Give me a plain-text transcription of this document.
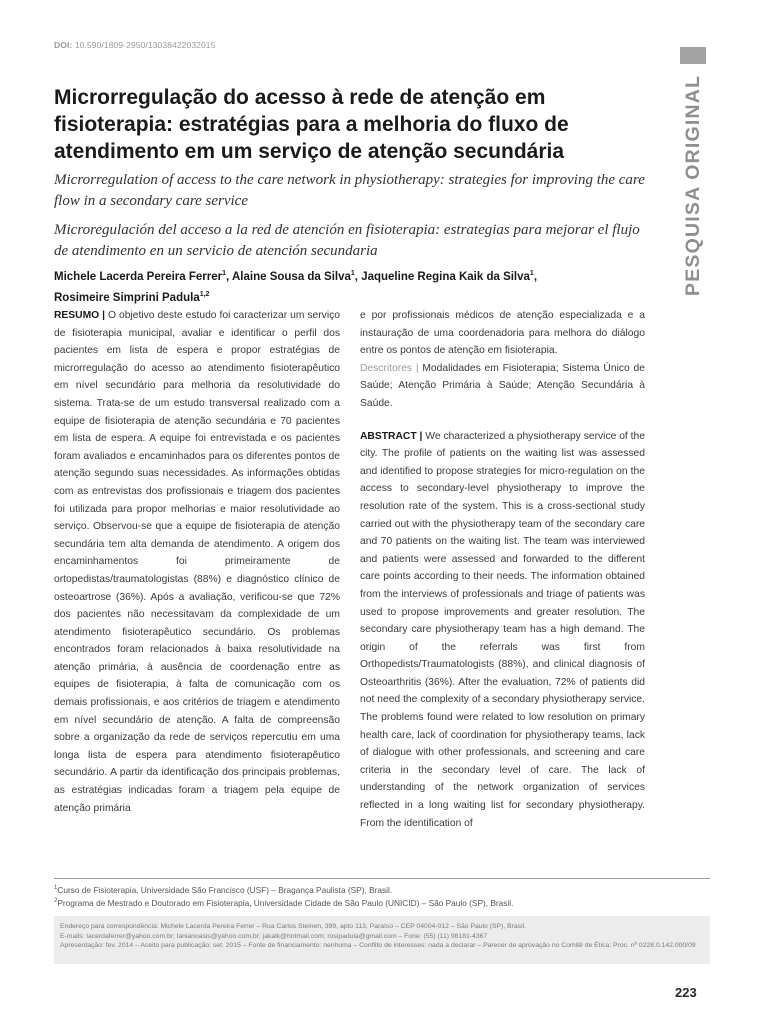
DOI: 10.590/1809-2950/13038422032015
PESQUISA ORIGINAL
Microrregulação do acesso à rede de atenção em fisioterapia: estratégias para a melhoria do fluxo de atendimento em um serviço de atenção secundária

Microrregulation of access to the care network in physiotherapy: strategies for improving the care flow in a secondary care service

Microregulación del acceso a la red de atención en fisioterapia: estrategias para mejorar el flujo de atendimento en un servicio de atención secundaria

Michele Lacerda Pereira Ferrer$^1$, Alaine Sousa da Silva$^1$, Jaqueline Regina Kaik da Silva$^1$,
Rosimeire Simprini Padula$^{1,2}$

RESUMO | O objetivo deste estudo foi caracterizar um serviço de fisioterapia municipal, avaliar e identificar o perfil dos pacientes em lista de espera e propor estratégias de microrregulação do acesso ao atendimento fisioterapêutico em nível secundário para melhoria da resolutividade do sistema. Trata-se de um estudo transversal realizado com a equipe de fisioterapia de atenção secundária e 70 pacientes em lista de espera. A equipe foi entrevistada e os pacientes foram avaliados e encaminhados para os diferentes pontos de atenção segundo suas necessidades. As informações obtidas com as entrevistas dos profissionais e triagem dos pacientes foi utilizada para propor melhorias e maior resolutividade ao serviço. Observou-se que a equipe de fisioterapia de atenção secundária tem alta demanda de atendimento. A origem dos encaminhamentos foi primeiramente de ortopedistas/traumatologistas (88%) e diagnóstico clínico de osteoartrose (36%). Após a avaliação, verificou-se que 72% dos pacientes não necessitavam da complexidade de um atendimento fisioterapêutico secundário. Os problemas encontrados foram relacionados à baixa resolutividade na atenção primária, à ausência de coordenação entre as equipes de fisioterapia, à falta de comunicação com os demais profissionais, e aos critérios de triagem e atendimento em nível secundário de atenção. A falta de compreensão sobre a organização da rede de serviços repercutiu em uma longa lista de espera para atendimento fisioterapêutico secundário. A partir da identificação dos principais problemas, as estratégias indicadas foram a triagem pela equipe de atenção primária

e por profissionais médicos de atenção especializada e a instauração de uma coordenadoria para melhora do diálogo entre os pontos de atenção em fisioterapia.

Descritores | Modalidades em Fisioterapia; Sistema Único de Saúde; Atenção Primária à Saúde; Atenção Secundária à Saúde.

ABSTRACT | We characterized a physiotherapy service of the city. The profile of patients on the waiting list was assessed and identified to propose strategies for micro-regulation on the access to secondary-level physiotherapy to improve the resolution rate of the system. This is a cross-sectional study carried out with the physiotherapy team of the secondary care and 70 patients on the waiting list. The team was interviewed and patients were assessed and forwarded to the different care points according to their needs. The information obtained from the interviews of professionals and triage of patients was used to propose improvements and greater resolution. The secondary care physiotherapy team has a high demand. The origin of the referrals was first from Orthopedists/Traumatologists (88%), and clinical diagnosis of Osteoarthritis (36%). After the evaluation, 72% of patients did not need the complexity of a secondary physiotherapy service. The problems found were related to low resolution on primary health care, lack of coordination for physiotherapy teams, lack of dialogue with other professionals, and screening and care criteria in the secondary level of care. The lack of understanding of the network organization of services reflected in a long waiting list for secondary physiotherapy. From the identification of

$^1$Curso de Fisioterapia, Universidade São Francisco (USF) – Bragança Paulista (SP), Brasil.

$^2$Programa de Mestrado e Doutorado em Fisioterapia, Universidade Cidade de São Paulo (UNICID) – São Paulo (SP), Brasil.

Endereço para correspondência: Michele Lacerda Pereira Ferrer – Rua Carlos Steinen, 399, apto 113, Paraíso – CEP 04004-012 – São Paulo (SP), Brasil.

E-mails: lacerdaferrer@yahoo.com.br; lanianoasis@yahoo.com.br; jakalk@hotmail.com; rosipadula@gmail.com – Fone: (55) (11) 98181-4367

Apresentação: fev. 2014 – Aceito para publicação: set. 2015 – Fonte de financiamento: nenhuma – Conflito de interesses: nada a declarar – Parecer de aprovação no Comitê de Ética: Proc. nº 0228.0.142.000/09

223
